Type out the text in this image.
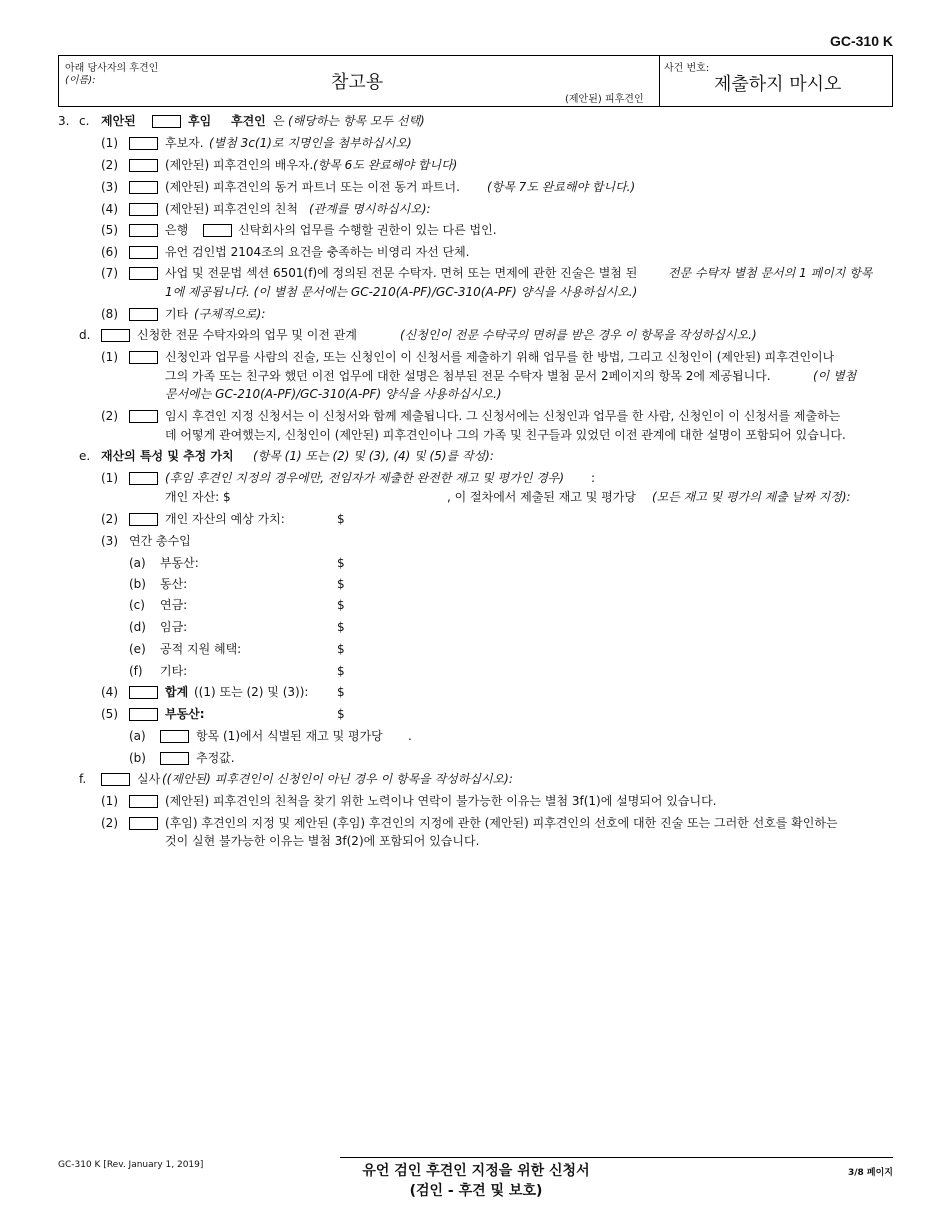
GC-310 K
아래 당사자의 후견인
(이름):	참고용
(제안된) 피후견인
사건 번호:
제출하지 마시오
3. c. 제안된	후임 후견인 은 (해당하는 항목 모두 선택)
(1)	후보자. (별첨 3c(1)로 지명인을 첨부하십시오)
(2)	(제안된) 피후견인의 배우자. (항목 6도 완료해야 합니다)
(3)	(제안된) 피후견인의 동거 파트너 또는 이전 동거 파트너. (항목 7도 완료해야 합니다.)
(4)	(제안된) 피후견인의 친척 (관계를 명시하십시오):
(5)	은행	신탁회사의 업무를 수행할 권한이 있는 다른 법인.
(6)	유언 검인법 2104조의 요건을 충족하는 비영리 자선 단체.
(7)	사업 및 전문법 섹션 6501(f)에 정의된 전문 수탁자. 면허 또는 면제에 관한 진술은 별첨 된	전문 수탁자 별첨 문서의 1 페이지 항목
1에 제공됩니다. (이 별첨 문서에는 GC-210(A-PF)/GC-310(A-PF) 양식을 사용하십시오.)
(8)	기타 (구체적으로):
d.	신청한 전문 수탁자와의 업무 및 이전 관계	(신청인이 전문 수탁국의 면허를 받은 경우 이 항목을 작성하십시오.)
(1)	신청인과 업무를 사람의 진술, 또는 신청인이 이 신청서를 제출하기 위해 업무를 한 방법, 그리고 신청인이 (제안된) 피후견인이나
그의 가족 또는 친구와 했던 이전 업무에 대한 설명은 첨부된 전문 수탁자 별첨 문서 2페이지의 항목 2에 제공됩니다.	(이 별첨
문서에는 GC-210(A-PF)/GC-310(A-PF) 양식을 사용하십시오.)
(2)	임시 후견인 지정 신청서는 이 신청서와 함께 제출됩니다. 그 신청서에는 신청인과 업무를 한 사람, 신청인이 이 신청서를 제출하는
데 어떻게 관여했는지, 신청인이 (제안된) 피후견인이나 그의 가족 및 친구들과 있었던 이전 관계에 대한 설명이 포함되어 있습니다.
e. 재산의 특성 및 추정 가치 (항목 (1) 또는 (2) 및 (3), (4) 및 (5)를 작성):
(1)	(후임 후견인 지정의 경우에만, 전임자가 제출한 완전한 재고 및 평가인 경우) :
개인 자산: $	, 이 절차에서 제출된 재고 및 평가당 (모든 재고 및 평가의 제출 날짜 지정):
(2)	개인 자산의 예상 가치:	$
(3) 연간 총수입
(a) 부동산:	$
(b) 동산:	$
(c) 연금:	$
(d) 임금:	$
(e) 공적 지원 혜택:	$
(f) 기타:	$
(4)	합계 ((1) 또는 (2) 및 (3)): $
(5)	부동산:	$
(a)	항목 (1)에서 식별된 재고 및 평가당 .
(b)	추정값.
f.	실사 ((제안된) 피후견인이 신청인이 아닌 경우 이 항목을 작성하십시오):
(1)	(제안된) 피후견인의 친척을 찾기 위한 노력이나 연락이 불가능한 이유는 별첨 3f(1)에 설명되어 있습니다.
(2)	(후임) 후견인의 지정 및 제안된 (후임) 후견인의 지정에 관한 (제안된) 피후견인의 선호에 대한 진술 또는 그러한 선호를 확인하는
것이 실현 불가능한 이유는 별첨 3f(2)에 포함되어 있습니다.
GC-310 K [Rev. January 1, 2019]	유언 검인 후견인 지정을 위한 신청서
(검인 - 후견 및 보호)
3/8 페이지
